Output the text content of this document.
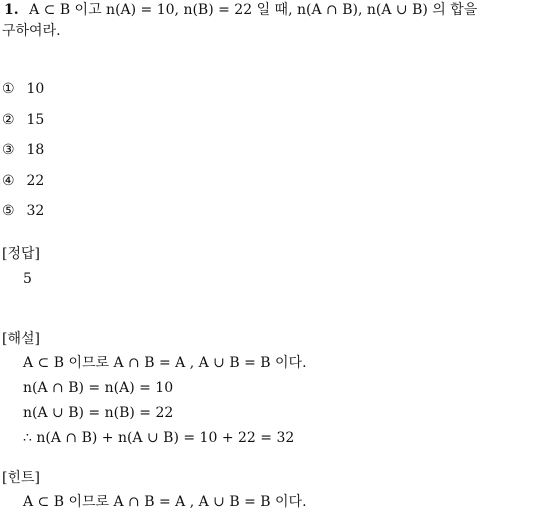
1. A ⊂ B 이고 n(A) = 10, n(B) = 22 일 때, n(A ∩ B), n(A ∪ B) 의 합을
구하여라.
① 10
② 15
③ 18
④ 22
⑤ 32
[정답]
5
[해설]
A ⊂ B 이므로 A ∩ B = A , A ∪ B = B 이다.
n(A ∩ B) = n(A) = 10
n(A ∪ B) = n(B) = 22
∴ n(A ∩ B) + n(A ∪ B) = 10 + 22 = 32
[힌트]
A ⊂ B 이므로 A ∩ B = A , A ∪ B = B 이다.
